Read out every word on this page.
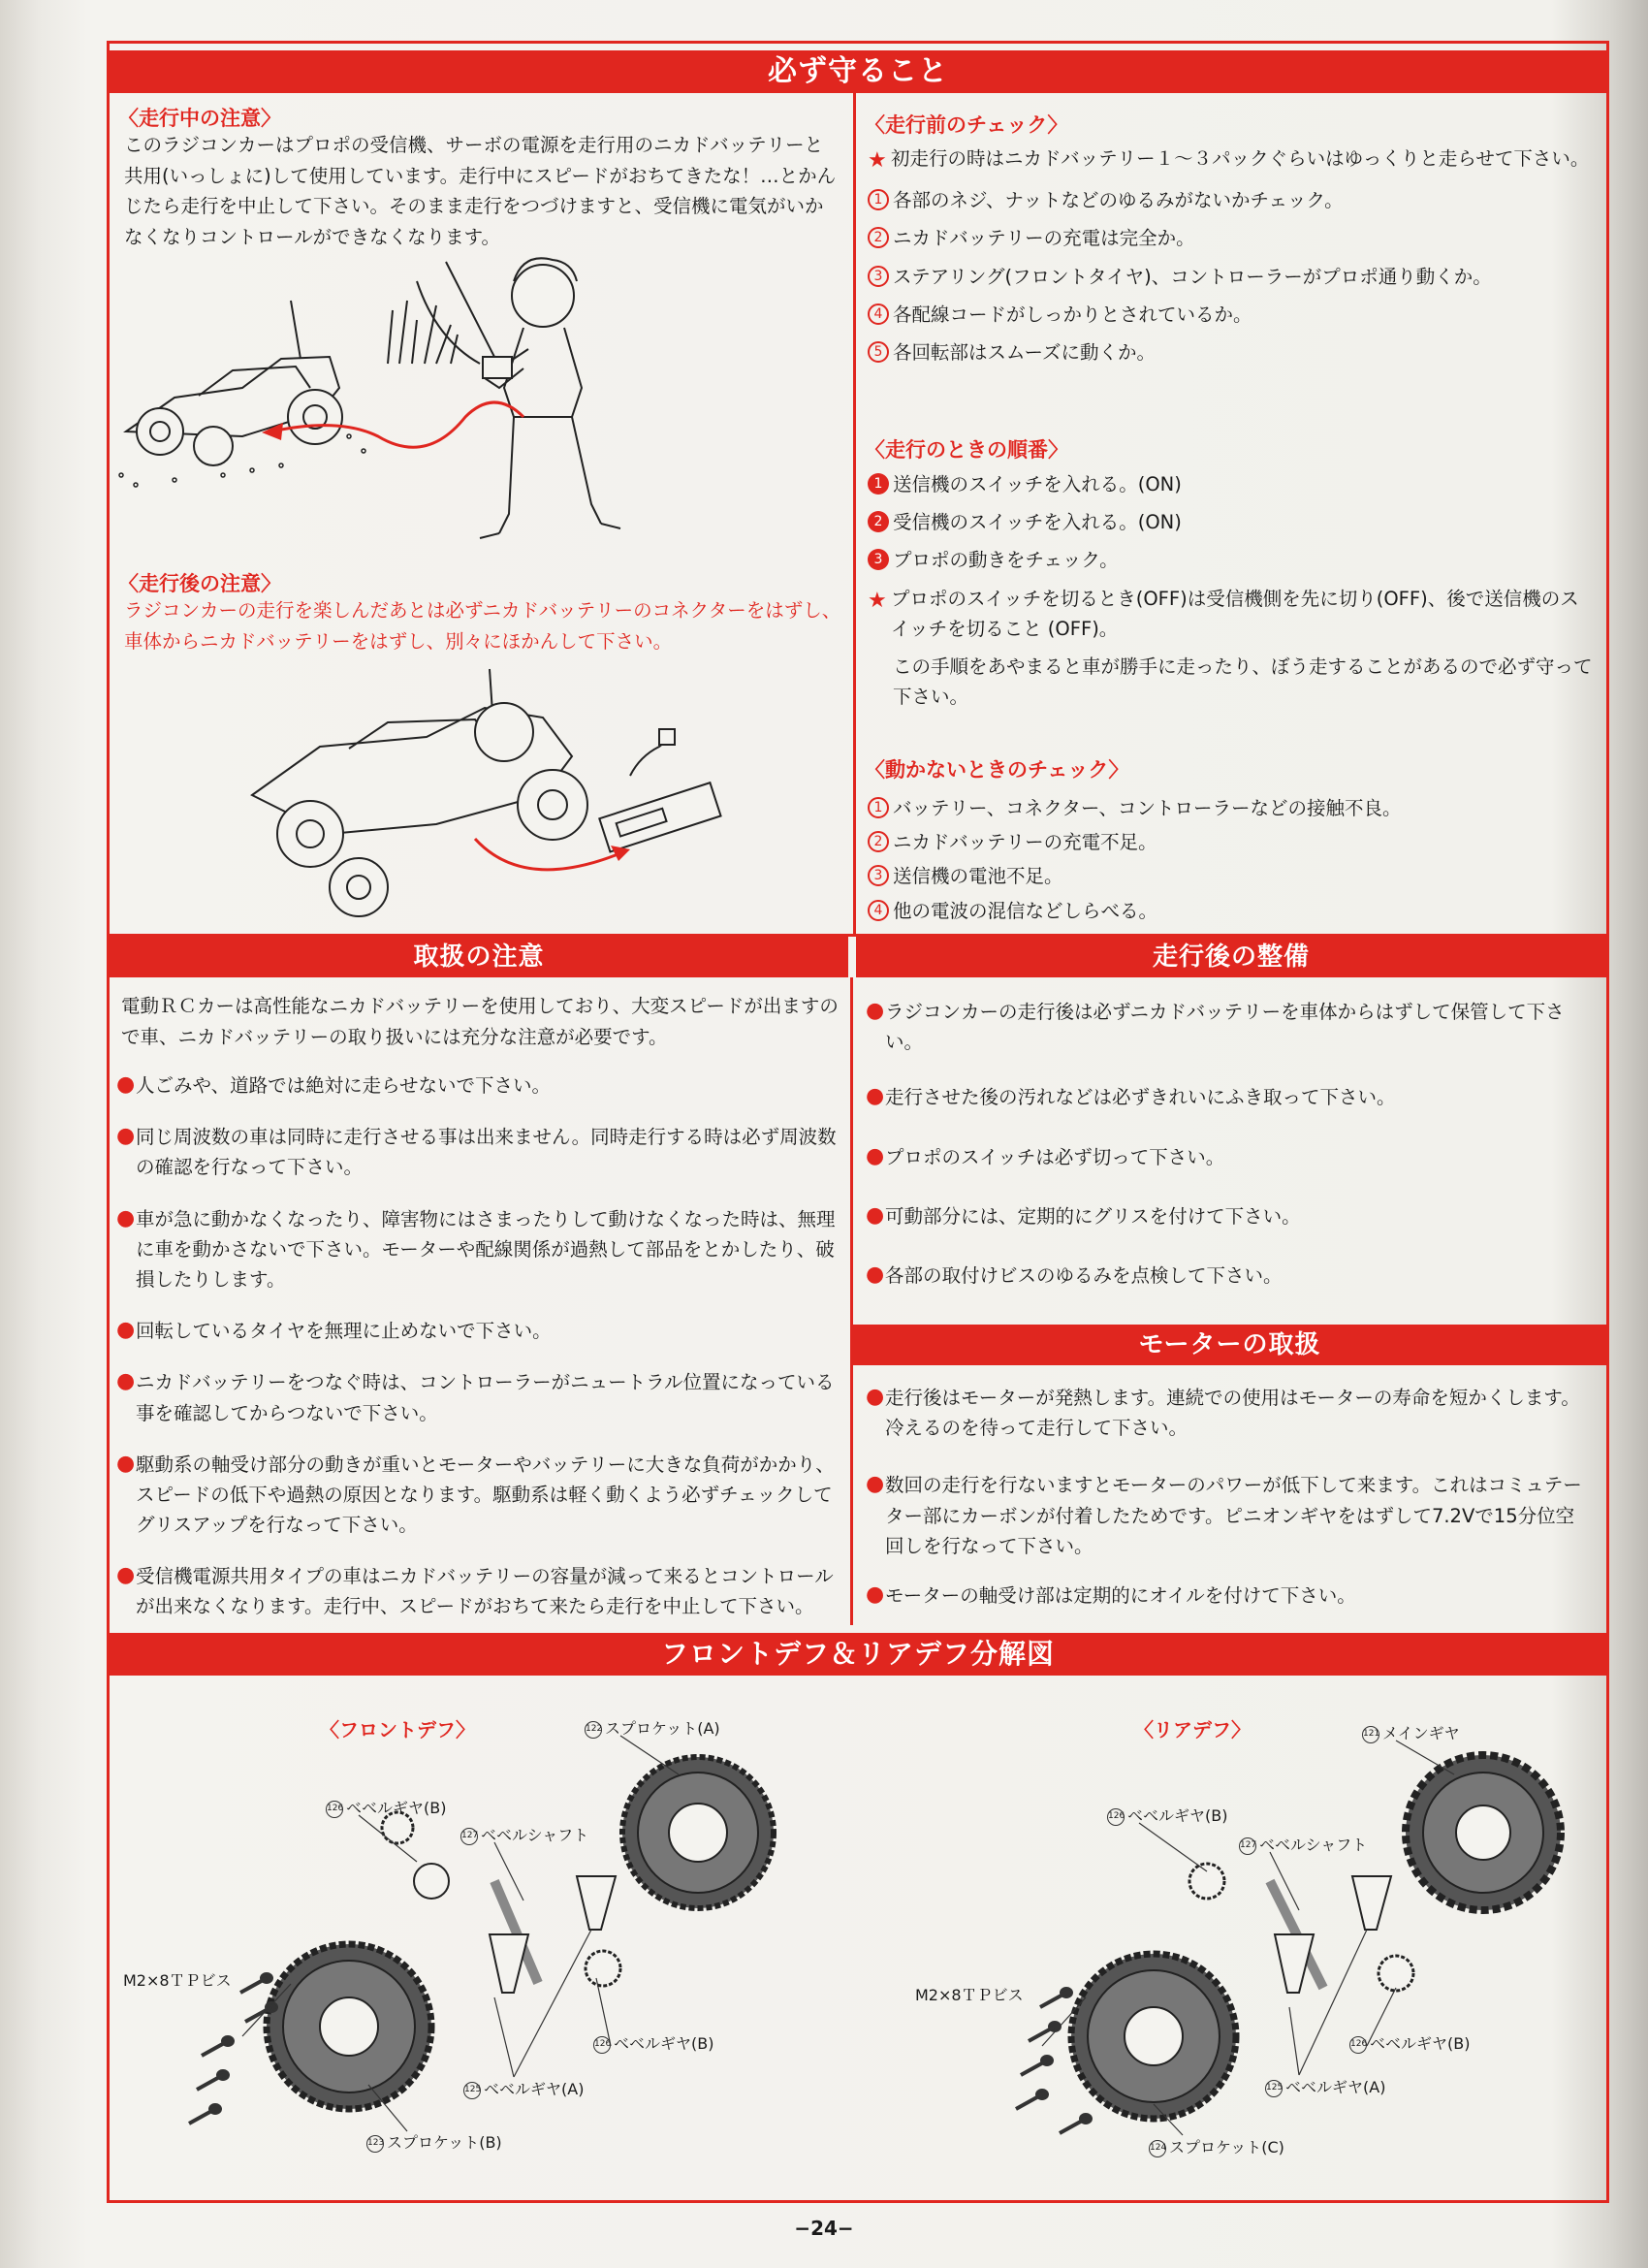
必ず守ること
〈走行中の注意〉
このラジコンカーはプロポの受信機、サーボの電源を走行用のニカドバッテリーと共用(いっしょに)して使用しています。走行中にスピードがおちてきたな！…とかんじたら走行を中止して下さい。そのまま走行をつづけますと、受信機に電気がいかなくなりコントロールができなくなります。
〈走行後の注意〉
ラジコンカーの走行を楽しんだあとは必ずニカドバッテリーのコネクターをはずし、車体からニカドバッテリーをはずし、別々にほかんして下さい。
〈走行前のチェック〉
★ 初走行の時はニカドバッテリー１～３パックぐらいはゆっくりと走らせて下さい。
1 各部のネジ、ナットなどのゆるみがないかチェック。
2 ニカドバッテリーの充電は完全か。
3 ステアリング(フロントタイヤ)、コントローラーがプロポ通り動くか。
4 各配線コードがしっかりとされているか。
5 各回転部はスムーズに動くか。
〈走行のときの順番〉
1 送信機のスイッチを入れる。(ON)
2 受信機のスイッチを入れる。(ON)
3 プロポの動きをチェック。
★ プロポのスイッチを切るとき(OFF)は受信機側を先に切り(OFF)、後で送信機のスイッチを切ること (OFF)。
この手順をあやまると車が勝手に走ったり、ぼう走することがあるので必ず守って下さい。
〈動かないときのチェック〉
1 バッテリー、コネクター、コントローラーなどの接触不良。
2 ニカドバッテリーの充電不足。
3 送信機の電池不足。
4 他の電波の混信などしらべる。
取扱の注意	走行後の整備
電動ＲＣカーは高性能なニカドバッテリーを使用しており、大変スピードが出ますので車、ニカドバッテリーの取り扱いには充分な注意が必要です。
● 人ごみや、道路では絶対に走らせないで下さい。
● 同じ周波数の車は同時に走行させる事は出来ません。同時走行する時は必ず周波数の確認を行なって下さい。
● 車が急に動かなくなったり、障害物にはさまったりして動けなくなった時は、無理に車を動かさないで下さい。モーターや配線関係が過熱して部品をとかしたり、破損したりします。
● 回転しているタイヤを無理に止めないで下さい。
● ニカドバッテリーをつなぐ時は、コントローラーがニュートラル位置になっている事を確認してからつないで下さい。
● 駆動系の軸受け部分の動きが重いとモーターやバッテリーに大きな負荷がかかり、スピードの低下や過熱の原因となります。駆動系は軽く動くよう必ずチェックしてグリスアップを行なって下さい。
● 受信機電源共用タイプの車はニカドバッテリーの容量が減って来るとコントロールが出来なくなります。走行中、スピードがおちて来たら走行を中止して下さい。
● ラジコンカーの走行後は必ずニカドバッテリーを車体からはずして保管して下さい。
● 走行させた後の汚れなどは必ずきれいにふき取って下さい。
● プロポのスイッチは必ず切って下さい。
● 可動部分には、定期的にグリスを付けて下さい。
● 各部の取付けビスのゆるみを点検して下さい。
モーターの取扱
● 走行後はモーターが発熱します。連続での使用はモーターの寿命を短かくします。冷えるのを待って走行して下さい。
● 数回の走行を行ないますとモーターのパワーが低下して来ます。これはコミュテーター部にカーボンが付着したためです。ピニオンギヤをはずして7.2Vで15分位空回しを行なって下さい。
● モーターの軸受け部は定期的にオイルを付けて下さい。
フロントデフ＆リアデフ分解図
〈フロントデフ〉	122 スプロケット(A)
126 ベベルギヤ(B)
127 ベベルシャフト
M2×8ＴＰビス
126 ベベルギヤ(B)
125 ベベルギヤ(A)
123 スプロケット(B)
〈リアデフ〉	121 メインギヤ
126 ベベルギヤ(B)
127 ベベルシャフト
M2×8ＴＰビス
126 ベベルギヤ(B)
125 ベベルギヤ(A)
124 スプロケット(C)
−24−
